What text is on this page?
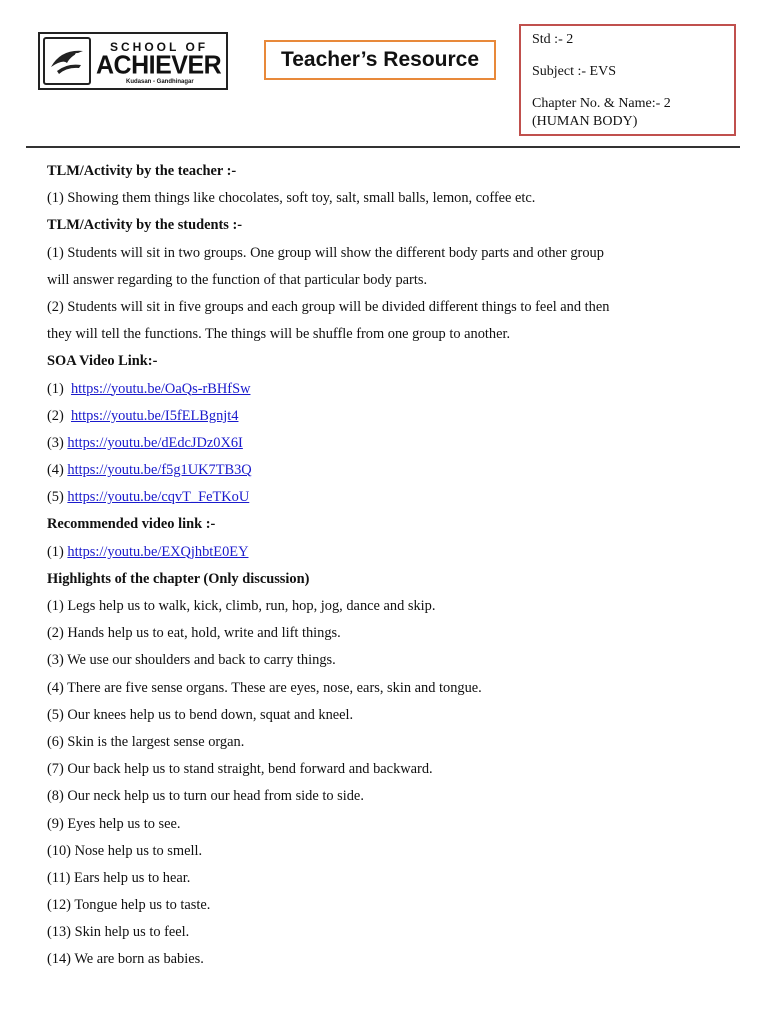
SCHOOL OF
ACHIEVER
Kudasan - Gandhinagar
Teacher’s Resource
Std :- 2
Subject :- EVS
Chapter No. & Name:- 2
(HUMAN BODY)
TLM/Activity by the teacher :-
(1) Showing them things like chocolates, soft toy, salt, small balls, lemon, coffee etc.
TLM/Activity by the students :-
(1) Students will sit in two groups. One group will show the different body parts and other group
will answer regarding to the function of that particular body parts.
(2) Students will sit in five groups and each group will be divided different things to feel and then
they will tell the functions. The things will be shuffle from one group to another.
SOA Video Link:-
(1) https://youtu.be/OaQs-rBHfSw
(2) https://youtu.be/I5fELBgnjt4
(3) https://youtu.be/dEdcJDz0X6I
(4) https://youtu.be/f5g1UK7TB3Q
(5) https://youtu.be/cqvT_FeTKoU
Recommended video link :-
(1) https://youtu.be/EXQjhbtE0EY
Highlights of the chapter (Only discussion)
(1) Legs help us to walk, kick, climb, run, hop, jog, dance and skip.
(2) Hands help us to eat, hold, write and lift things.
(3) We use our shoulders and back to carry things.
(4) There are five sense organs. These are eyes, nose, ears, skin and tongue.
(5) Our knees help us to bend down, squat and kneel.
(6) Skin is the largest sense organ.
(7) Our back help us to stand straight, bend forward and backward.
(8) Our neck help us to turn our head from side to side.
(9) Eyes help us to see.
(10) Nose help us to smell.
(11) Ears help us to hear.
(12) Tongue help us to taste.
(13) Skin help us to feel.
(14) We are born as babies.
